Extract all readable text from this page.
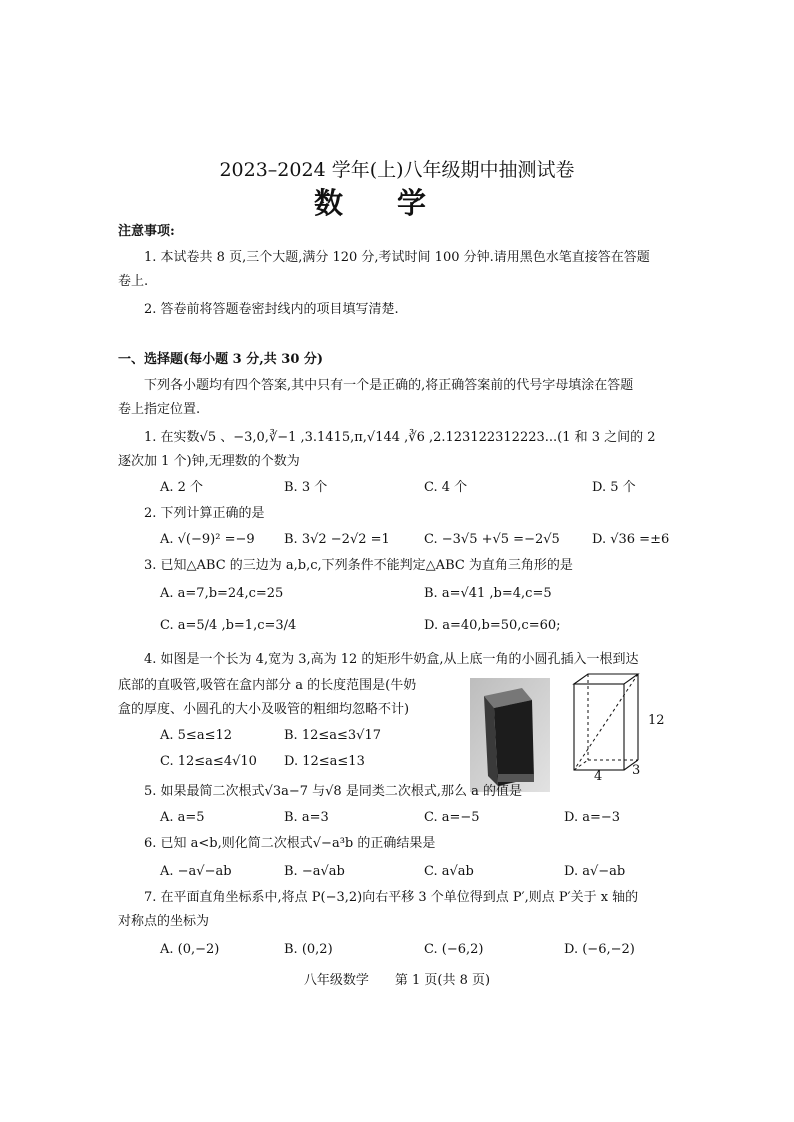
2023–2024 学年(上)八年级期中抽测试卷
数学
注意事项:
1. 本试卷共 8 页,三个大题,满分 120 分,考试时间 100 分钟.请用黑色水笔直接答在答题
卷上.
2. 答卷前将答题卷密封线内的项目填写清楚.
一、选择题(每小题 3 分,共 30 分)
下列各小题均有四个答案,其中只有一个是正确的,将正确答案前的代号字母填涂在答题
卷上指定位置.
1. 在实数√5 、−3,0,∛−1 ,3.1415,π,√144 ,∛6 ,2.123122312223...(1 和 3 之间的 2
逐次加 1 个)钟,无理数的个数为
A. 2 个	B. 3 个	C. 4 个	D. 5 个
2. 下列计算正确的是
A. √(−9)² =−9 B. 3√2 −2√2 =1	C. −3√5 +√5 =−2√5 D. √36 =±6
3. 已知△ABC 的三边为 a,b,c,下列条件不能判定△ABC 为直角三角形的是
A. a=7,b=24,c=25	B. a=√41 ,b=4,c=5
C. a=5/4 ,b=1,c=3/4	D. a=40,b=50,c=60;
4. 如图是一个长为 4,宽为 3,高为 12 的矩形牛奶盒,从上底一角的小圆孔插入一根到达
底部的直吸管,吸管在盒内部分 a 的长度范围是(牛奶
盒的厚度、小圆孔的大小及吸管的粗细均忽略不计)
A. 5≤a≤12	B. 12≤a≤3√17
C. 12≤a≤4√10 D. 12≤a≤13
12
4 3
5. 如果最简二次根式√3a−7 与√8 是同类二次根式,那么 a 的值是
A. a=5	B. a=3	C. a=−5	D. a=−3
6. 已知 a<b,则化简二次根式√−a³b 的正确结果是
A. −a√−ab	B. −a√ab	C. a√ab	D. a√−ab
7. 在平面直角坐标系中,将点 P(−3,2)向右平移 3 个单位得到点 P′,则点 P′关于 x 轴的
对称点的坐标为
A. (0,−2)	B. (0,2)	C. (−6,2)	D. (−6,−2)
八年级数学　　第 1 页(共 8 页)
